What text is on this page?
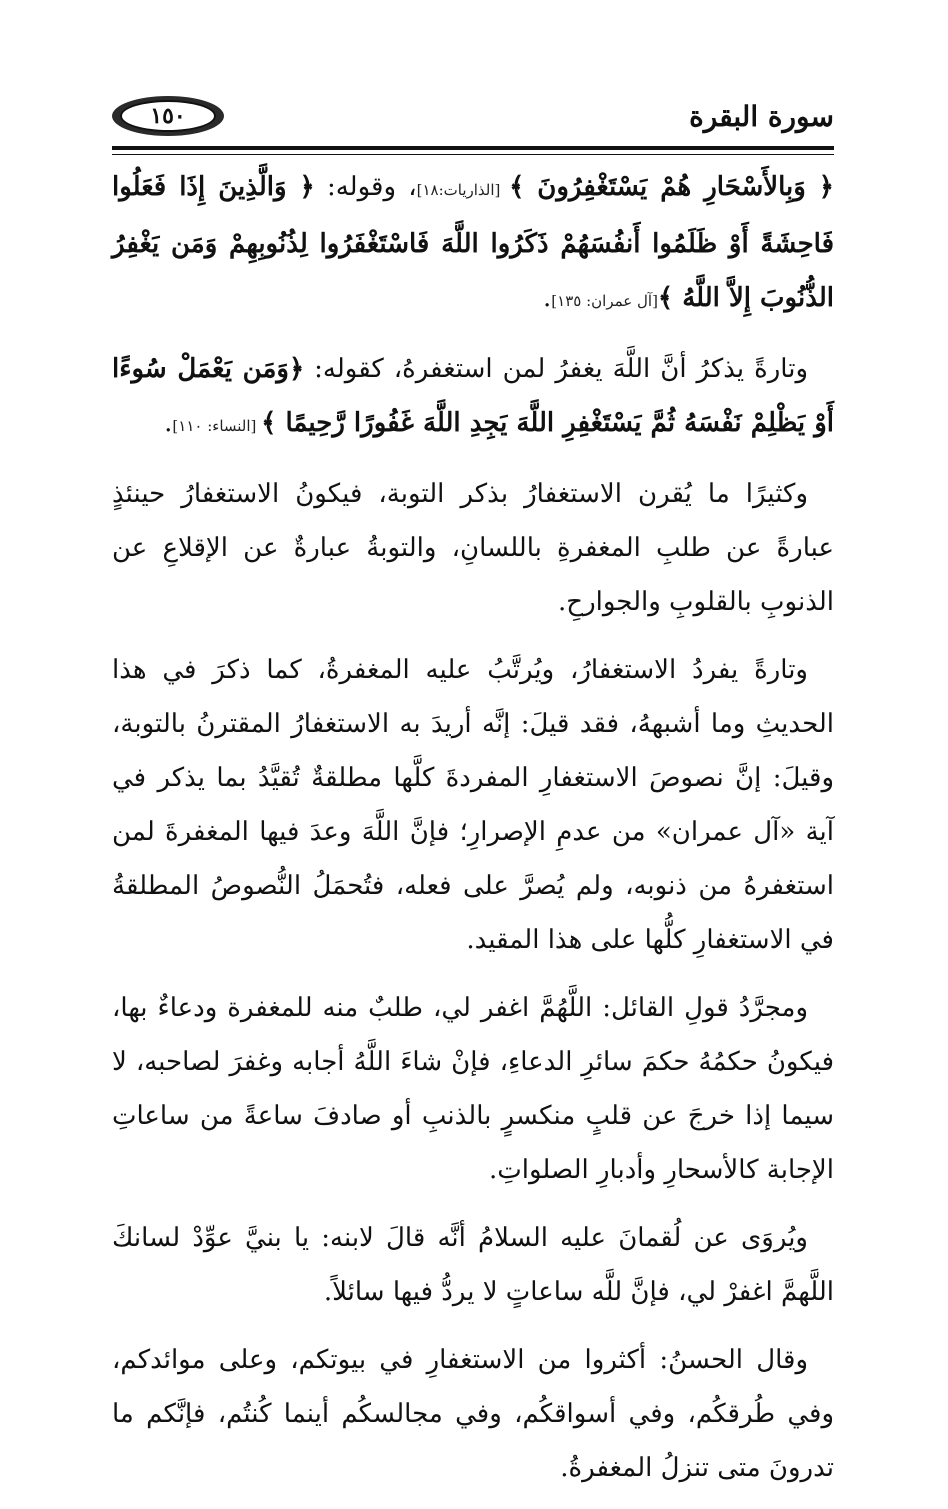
١٥٠	سورة البقرة

﴿ وَبِالأَسْحَارِ هُمْ يَسْتَغْفِرُونَ ﴾ [الذاريات:١٨]، وقوله: ﴿ وَالَّذِينَ إِذَا فَعَلُوا فَاحِشَةً أَوْ ظَلَمُوا أَنفُسَهُمْ ذَكَرُوا اللَّهَ فَاسْتَغْفَرُوا لِذُنُوبِهِمْ وَمَن يَغْفِرُ الذُّنُوبَ إِلاَّ اللَّهُ ﴾[آل عمران: ١٣٥].

وتارةً يذكرُ أنَّ اللَّهَ يغفرُ لمن استغفرهُ، كقوله: ﴿وَمَن يَعْمَلْ سُوءًا أَوْ يَظْلِمْ نَفْسَهُ ثُمَّ يَسْتَغْفِرِ اللَّهَ يَجِدِ اللَّهَ غَفُورًا رَّحِيمًا ﴾ [النساء: ١١٠].

وكثيرًا ما يُقرن الاستغفارُ بذكر التوبة، فيكونُ الاستغفارُ حينئذٍ عبارةً عن طلبِ المغفرةِ باللسانِ، والتوبةُ عبارةٌ عن الإقلاعِ عن الذنوبِ بالقلوبِ والجوارحِ.

وتارةً يفردُ الاستغفارُ، ويُرتَّبُ عليه المغفرةُ، كما ذكرَ في هذا الحديثِ وما أشبههُ، فقد قيلَ: إنَّه أريدَ به الاستغفارُ المقترنُ بالتوبة، وقيلَ: إنَّ نصوصَ الاستغفارِ المفردةَ كلَّها مطلقةٌ تُقيَّدُ بما يذكر في آية «آل عمران» من عدمِ الإصرارِ؛ فإنَّ اللَّهَ وعدَ فيها المغفرةَ لمن استغفرهُ من ذنوبه، ولم يُصرَّ على فعله، فتُحمَلُ النُّصوصُ المطلقةُ في الاستغفارِ كلُّها على هذا المقيد.

ومجرَّدُ قولِ القائل: اللَّهُمَّ اغفر لي، طلبٌ منه للمغفرة ودعاءٌ بها، فيكونُ حكمُهُ حكمَ سائرِ الدعاءِ، فإنْ شاءَ اللَّهُ أجابه وغفرَ لصاحبه، لا سيما إذا خرجَ عن قلبٍ منكسرٍ بالذنبِ أو صادفَ ساعةً من ساعاتِ الإجابة كالأسحارِ وأدبارِ الصلواتِ.

ويُروَى عن لُقمانَ عليه السلامُ أنَّه قالَ لابنه: يا بنيَّ عوِّدْ لسانكَ اللَّهمَّ اغفرْ لي، فإنَّ للَّه ساعاتٍ لا يردُّ فيها سائلاً.

وقال الحسنُ: أكثروا من الاستغفارِ في بيوتكم، وعلى موائدكم، وفي طُرقكُم، وفي أسواقكُم، وفي مجالسكُم أينما كُنتُم، فإنَّكم ما تدرونَ متى تنزلُ المغفرةُ.
